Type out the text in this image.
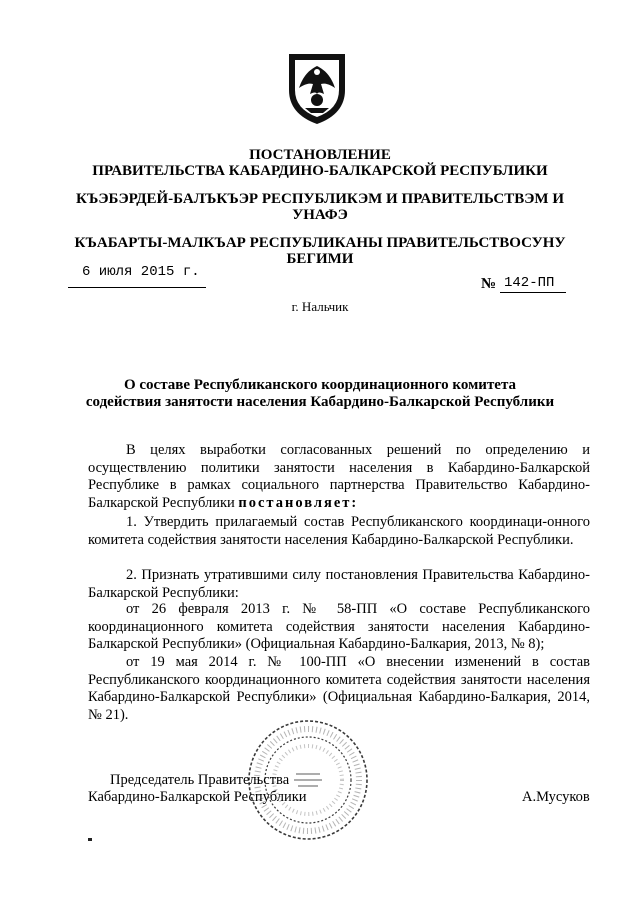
ПОСТАНОВЛЕНИЕ
ПРАВИТЕЛЬСТВА КАБАРДИНО-БАЛКАРСКОЙ РЕСПУБЛИКИ
КЪЭБЭРДЕЙ-БАЛЪКЪЭР РЕСПУБЛИКЭМ И ПРАВИТЕЛЬСТВЭМ И
УНАФЭ
КЪАБАРТЫ-МАЛКЪАР РЕСПУБЛИКАНЫ ПРАВИТЕЛЬСТВОСУНУ
БЕГИМИ
6 июля 2015 г.
№ 142-ПП
г. Нальчик
О составе Республиканского координационного комитета
содействия занятости населения Кабардино-Балкарской Республики
В целях выработки согласованных решений по определению и осуществлению политики занятости населения в Кабардино-Балкарской Республике в рамках социального партнерства Правительство Кабардино-Балкарской Республики постановляет:
1. Утвердить прилагаемый состав Республиканского координаци-онного комитета содействия занятости населения Кабардино-Балкарской Республики.
2. Признать утратившими силу постановления Правительства Кабардино-Балкарской Республики:
от 26 февраля 2013 г. № 58-ПП «О составе Республиканского координационного комитета содействия занятости населения Кабардино-Балкарской Республики» (Официальная Кабардино-Балкария, 2013, № 8);
от 19 мая 2014 г. № 100-ПП «О внесении изменений в состав Республиканского координационного комитета содействия занятости населения Кабардино-Балкарской Республики» (Официальная Кабардино-Балкария, 2014, № 21).
Председатель Правительства
Кабардино-Балкарской Республики	А.Мусуков
